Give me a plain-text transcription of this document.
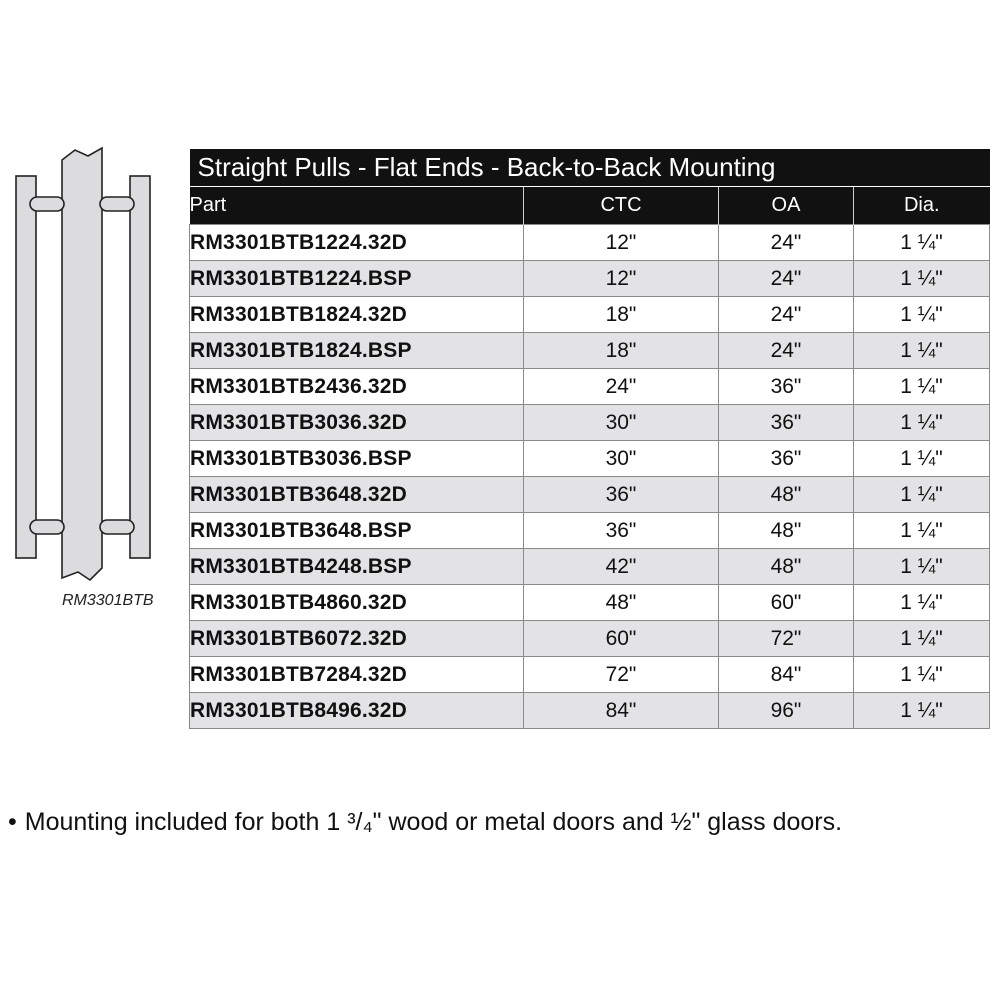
RM3301BTB
Straight Pulls - Flat Ends - Back-to-Back Mounting			
Part	CTC	OA	Dia.
RM3301BTB1224.32D	12"	24"	1 ¼"
RM3301BTB1224.BSP	12"	24"	1 ¼"
RM3301BTB1824.32D	18"	24"	1 ¼"
RM3301BTB1824.BSP	18"	24"	1 ¼"
RM3301BTB2436.32D	24"	36"	1 ¼"
RM3301BTB3036.32D	30"	36"	1 ¼"
RM3301BTB3036.BSP	30"	36"	1 ¼"
RM3301BTB3648.32D	36"	48"	1 ¼"
RM3301BTB3648.BSP	36"	48"	1 ¼"
RM3301BTB4248.BSP	42"	48"	1 ¼"
RM3301BTB4860.32D	48"	60"	1 ¼"
RM3301BTB6072.32D	60"	72"	1 ¼"
RM3301BTB7284.32D	72"	84"	1 ¼"
RM3301BTB8496.32D	84"	96"	1 ¼"
• Mounting included for both 1 ³/₄" wood or metal doors and ½" glass doors.
